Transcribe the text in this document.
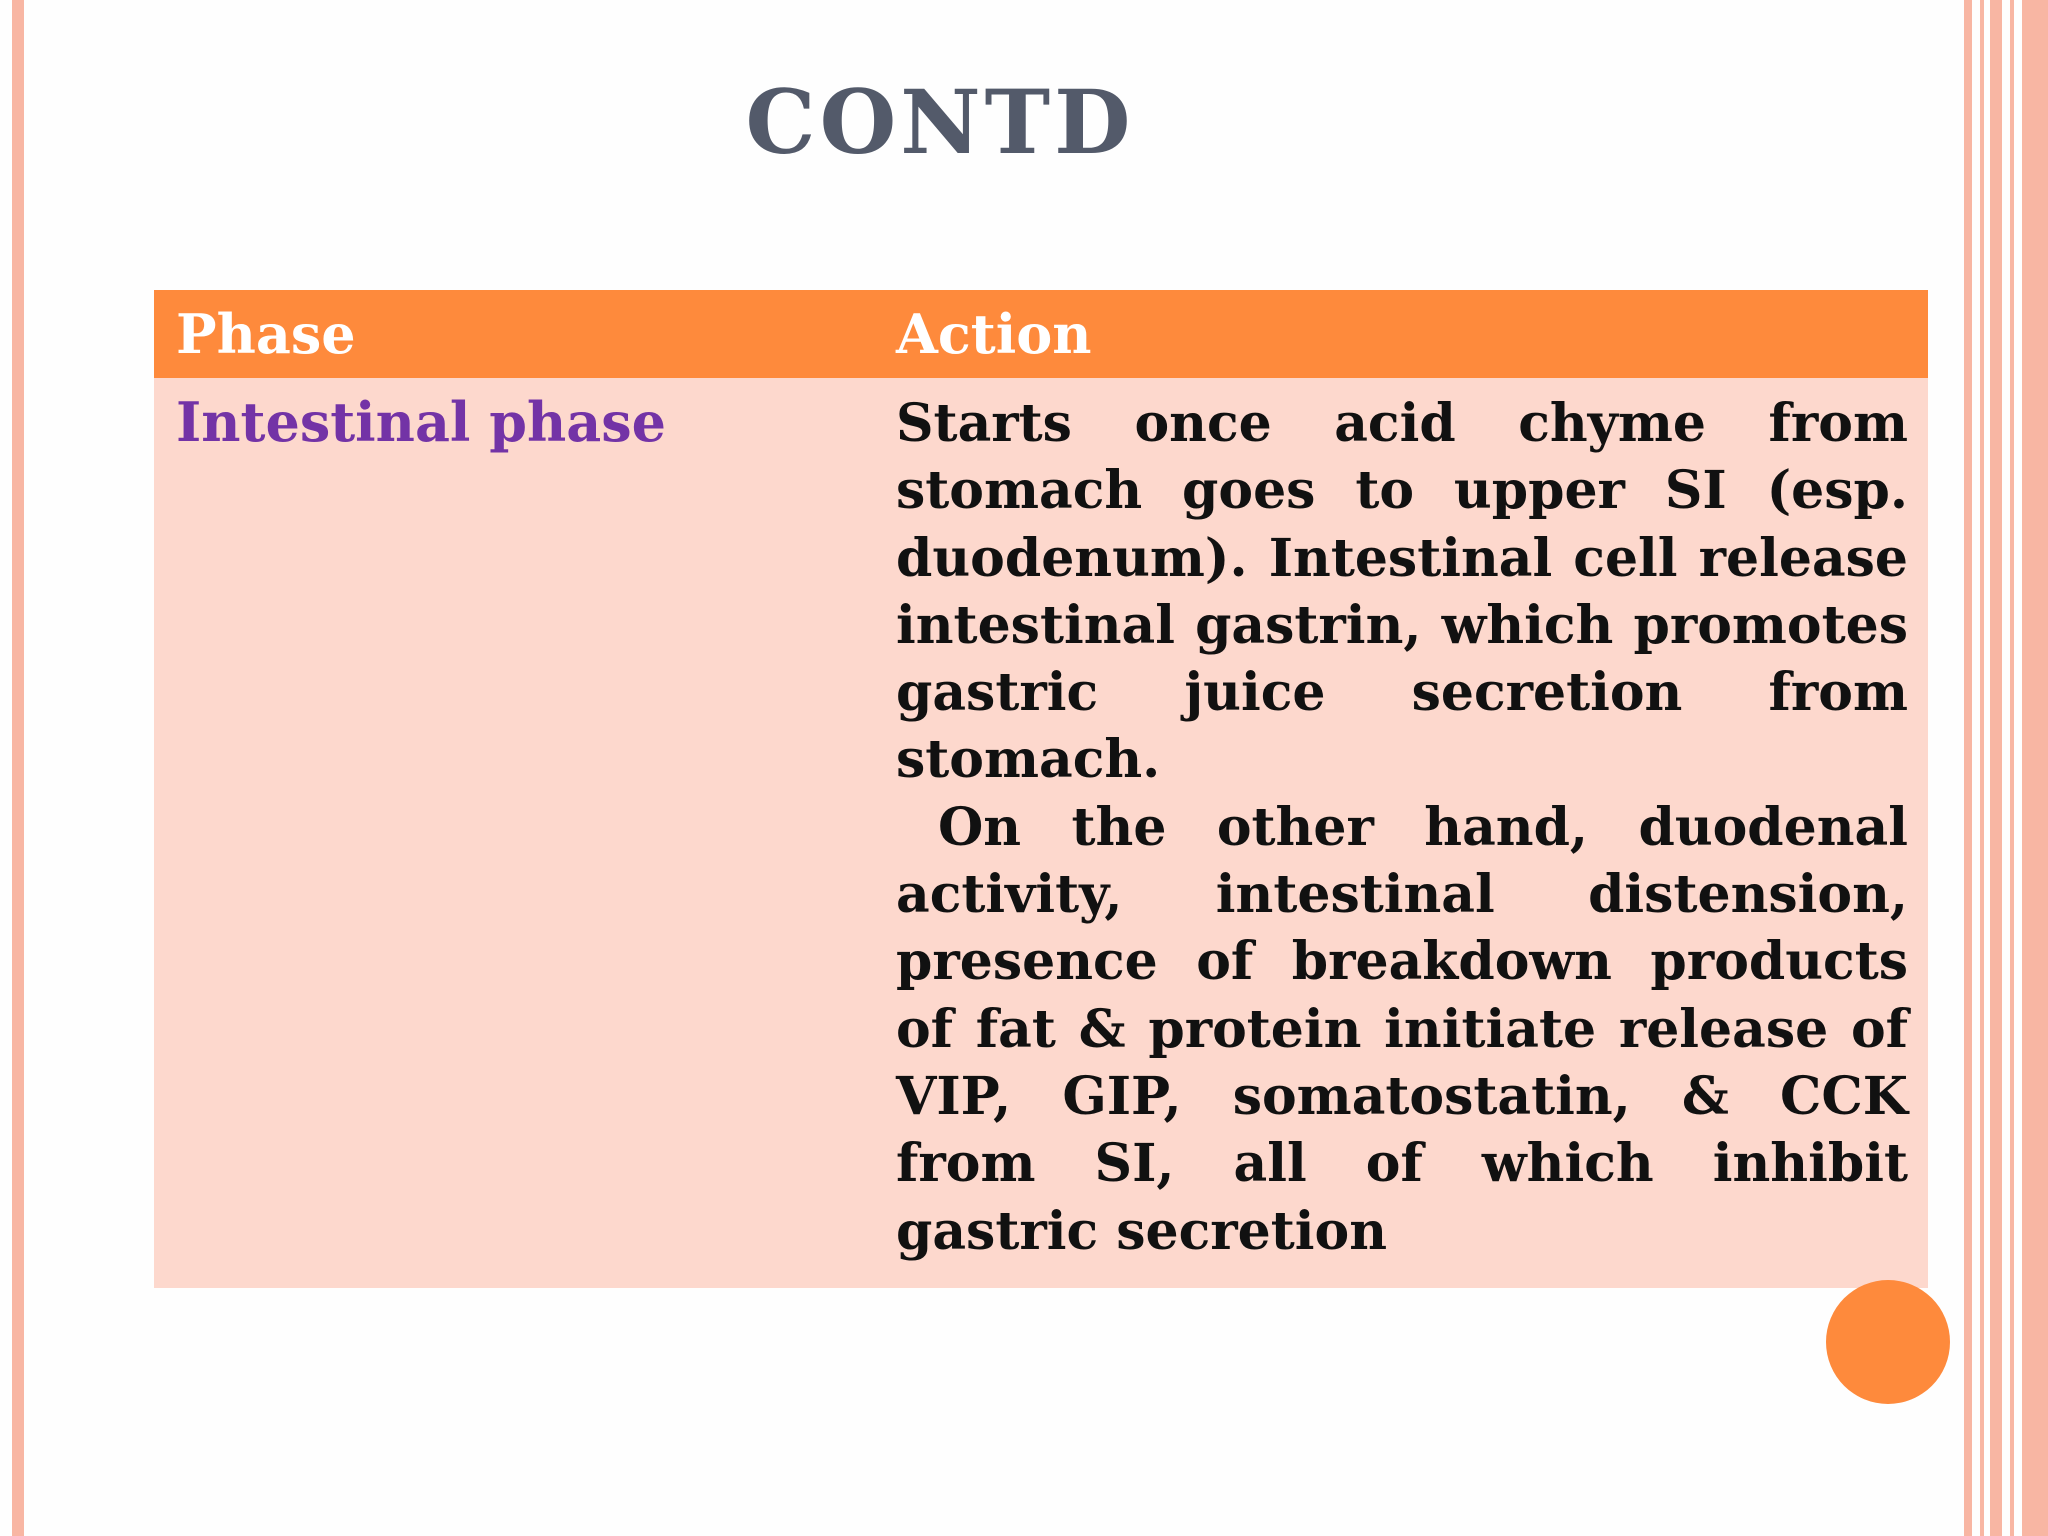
CONTD
Phase	Action
Intestinal phase	Starts once acid chyme from stomach goes to upper SI (esp. duodenum). Intestinal cell release intestinal gastrin, which promotes gastric juice secretion from stomach.

On the other hand, duodenal activity, intestinal distension, presence of breakdown products of fat & protein initiate release of VIP, GIP, somatostatin, & CCK from SI, all of which inhibit gastric secretion
